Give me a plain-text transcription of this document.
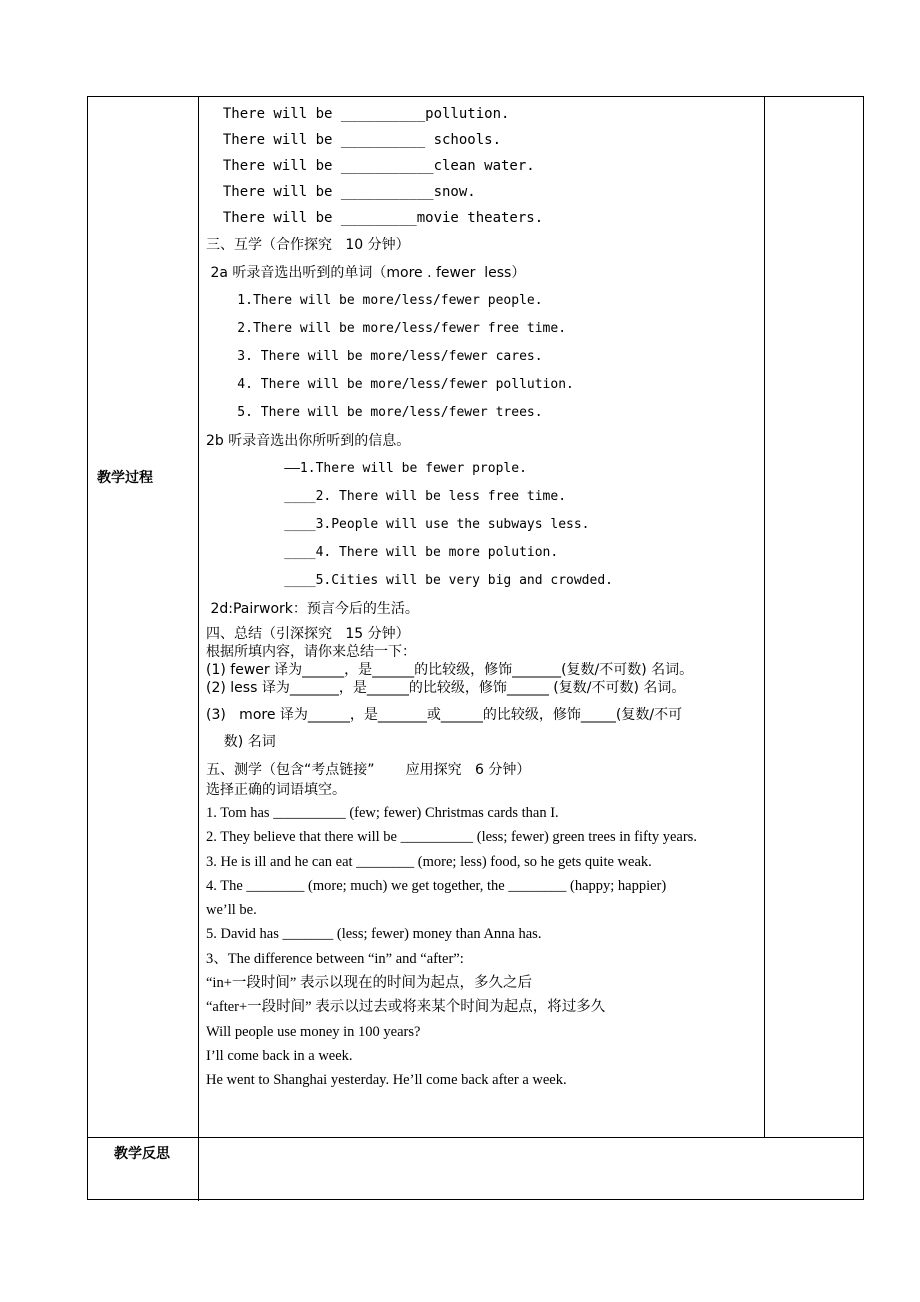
教学过程
教学反思
There will be __________pollution.
There will be __________ schools.
There will be ___________clean water.
There will be ___________snow.
There will be _________movie theaters.
三、互学（合作探究   10 分钟）
2a 听录音选出听到的单词（more . fewer  less）
1.There will be more/less/fewer people.
2.There will be more/less/fewer free time.
3. There will be more/less/fewer cares.
4. There will be more/less/fewer pollution.
5. There will be more/less/fewer trees.
2b 听录音选出你所听到的信息。
——1.There will be fewer prople.
____2. There will be less free time.
____3.People will use the subways less.
____4. There will be more polution.
____5.Cities will be very big and crowded.
2d:Pairwork：预言今后的生活。
四、总结（引深探究   15 分钟）
根据所填内容，请你来总结一下：
(1) fewer 译为______，是______的比较级，修饰_______(复数/不可数) 名词。
(2) less 译为_______，是______的比较级，修饰______ (复数/不可数) 名词。
(3)   more 译为______，是_______或______的比较级，修饰_____(复数/不可
数) 名词
五、测学（包含“考点链接”       应用探究   6 分钟）
选择正确的词语填空。
1. Tom has __________ (few; fewer) Christmas cards than I.
2. They believe that there will be __________ (less; fewer) green trees in fifty years.
3. He is ill and he can eat ________ (more; less) food, so he gets quite weak.
4. The ________ (more; much) we get together, the ________ (happy; happier)
we’ll be.
5. David has _______ (less; fewer) money than Anna has.
3、The difference between “in” and “after”:
“in+一段时间” 表示以现在的时间为起点，多久之后
“after+一段时间” 表示以过去或将来某个时间为起点，将过多久
Will people use money in 100 years?
I’ll come back in a week.
He went to Shanghai yesterday. He’ll come back after a week.
